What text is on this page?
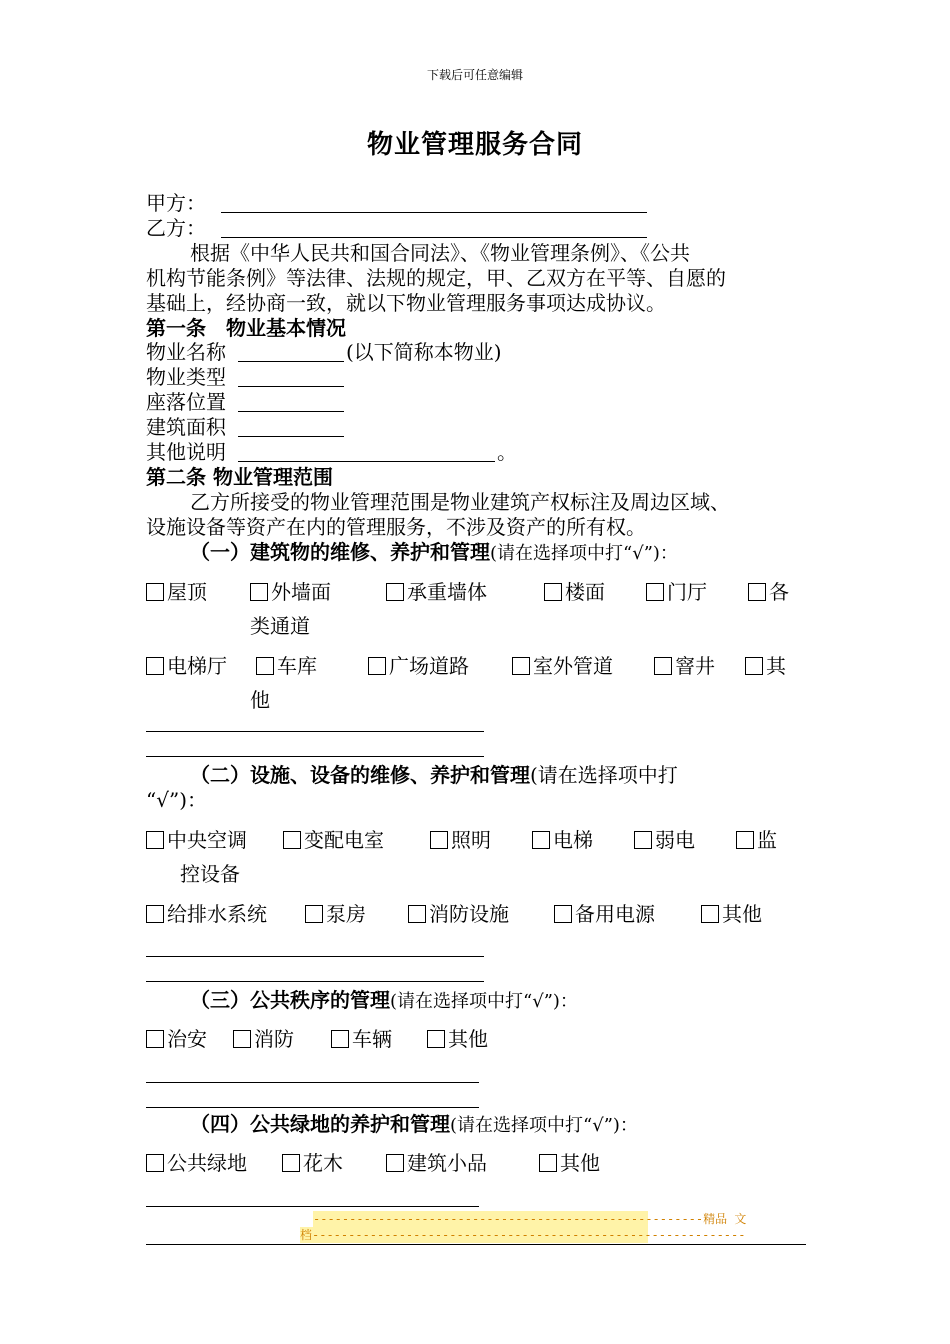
下载后可任意编辑
物业管理服务合同
甲方：
乙方：
根据《中华人民共和国合同法》、《物业管理条例》、《公共
机构节能条例》等法律、法规的规定，甲、乙双方在平等、自愿的
基础上，经协商一致，就以下物业管理服务事项达成协议。
第一条　物业基本情况
物业名称	(以下简称本物业)
物业类型
座落位置
建筑面积
其他说明	。
第二条 物业管理范围
乙方所接受的物业管理范围是物业建筑产权标注及周边区域、
设施设备等资产在内的管理服务，不涉及资产的所有权。
（一）建筑物的维修、养护和管理(请在选择项中打“√”)：
屋顶	外墙面	承重墙体	楼面	门厅	各
类通道
电梯厅	车库	广场道路	室外管道	窨井	其
他
（二）设施、设备的维修、养护和管理(请在选择项中打
“√”)：
中央空调	变配电室	照明	电梯	弱电	监
控设备
给排水系统	泵房	消防设施	备用电源	其他
（三）公共秩序的管理(请在选择项中打“√”)：
治安	消防	车辆	其他
（四）公共绿地的养护和管理(请在选择项中打“√”)：
公共绿地	花木	建筑小品	其他
------------------------------------------------------精品 文
档------------------------------------------------------------
